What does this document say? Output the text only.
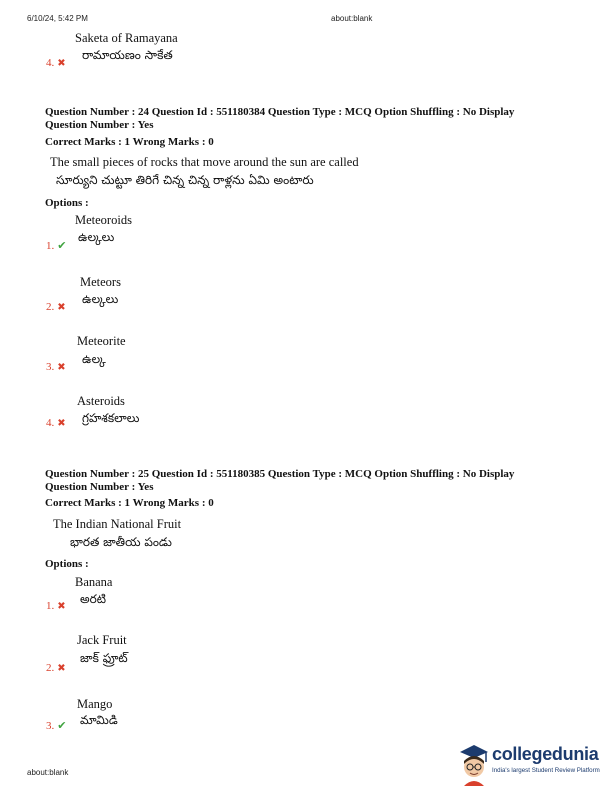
6/10/24, 5:42 PM	about:blank
Saketa of Ramayana
4. ✖
రామాయణం సాకేత
Question Number : 24 Question Id : 551180384 Question Type : MCQ Option Shuffling : No Display
Question Number : Yes
Correct Marks : 1 Wrong Marks : 0
The small pieces of rocks that move around the sun are called
సూర్యుని చుట్టూ తిరిగే చిన్న చిన్న రాళ్లను ఏమి అంటారు
Options :
Meteoroids
1. ✔
ఉల్కలు
Meteors
2. ✖
ఉల్కలు
Meteorite
3. ✖
ఉల్క
Asteroids
4. ✖ గ్రహశకలాలు
Question Number : 25 Question Id : 551180385 Question Type : MCQ Option Shuffling : No Display
Question Number : Yes
Correct Marks : 1 Wrong Marks : 0
The Indian National Fruit
భారత జాతీయ పండు
Options :
Banana
1. ✖
అరటి
Jack Fruit
2. ✖
జాక్ ఫ్రూట్
Mango
3. ✔ మామిడి
about:blank
collegedunia
India's largest Student Review Platform
